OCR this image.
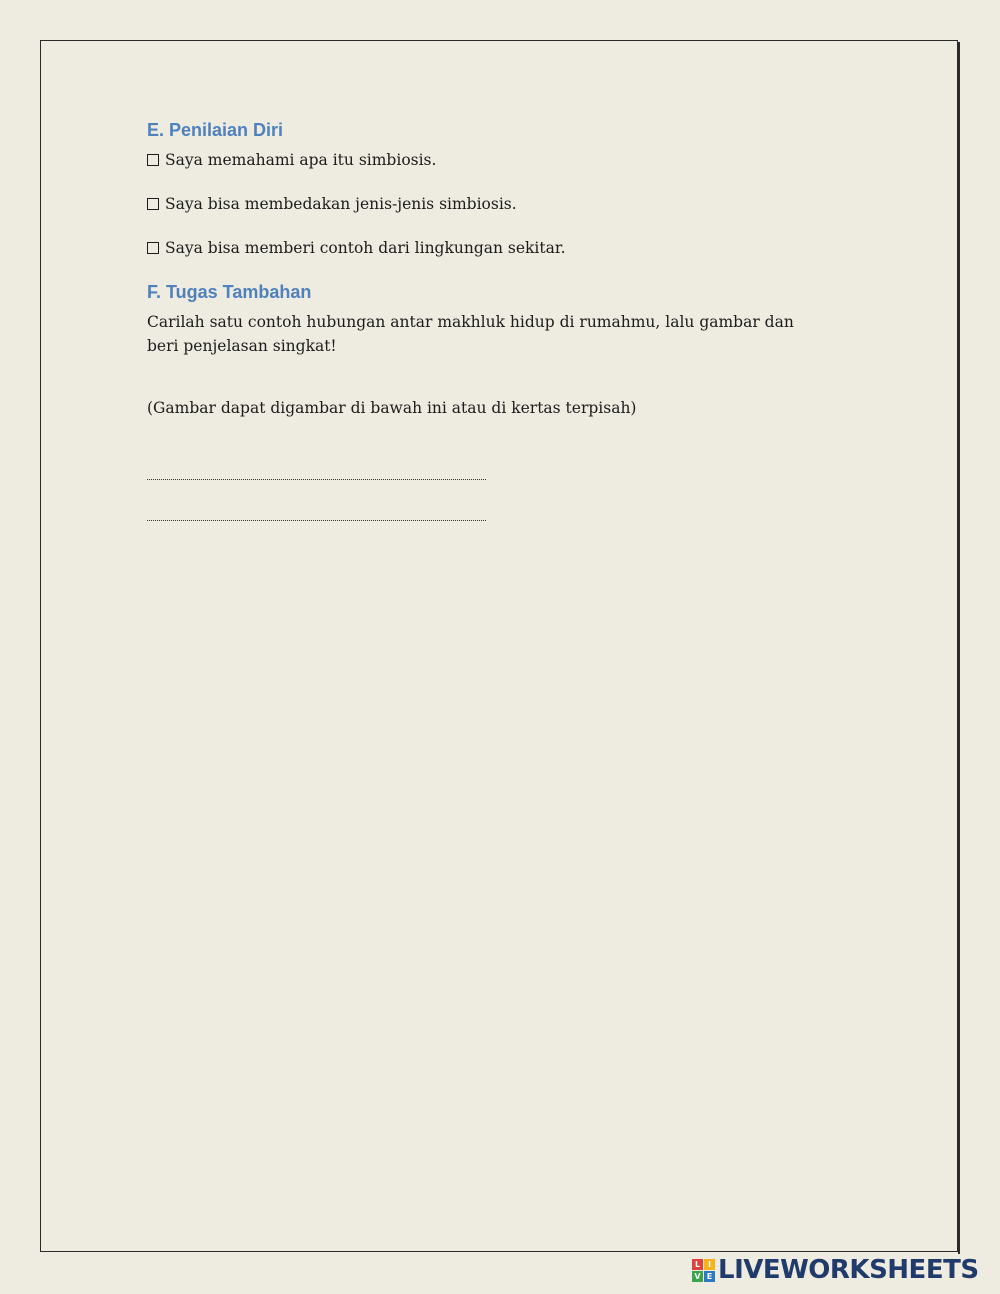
E. Penilaian Diri
Saya memahami apa itu simbiosis.
Saya bisa membedakan jenis-jenis simbiosis.
Saya bisa memberi contoh dari lingkungan sekitar.
F. Tugas Tambahan
Carilah satu contoh hubungan antar makhluk hidup di rumahmu, lalu gambar dan beri penjelasan singkat!
(Gambar dapat digambar di bawah ini atau di kertas terpisah)
L I
V E LIVEWORKSHEETS
